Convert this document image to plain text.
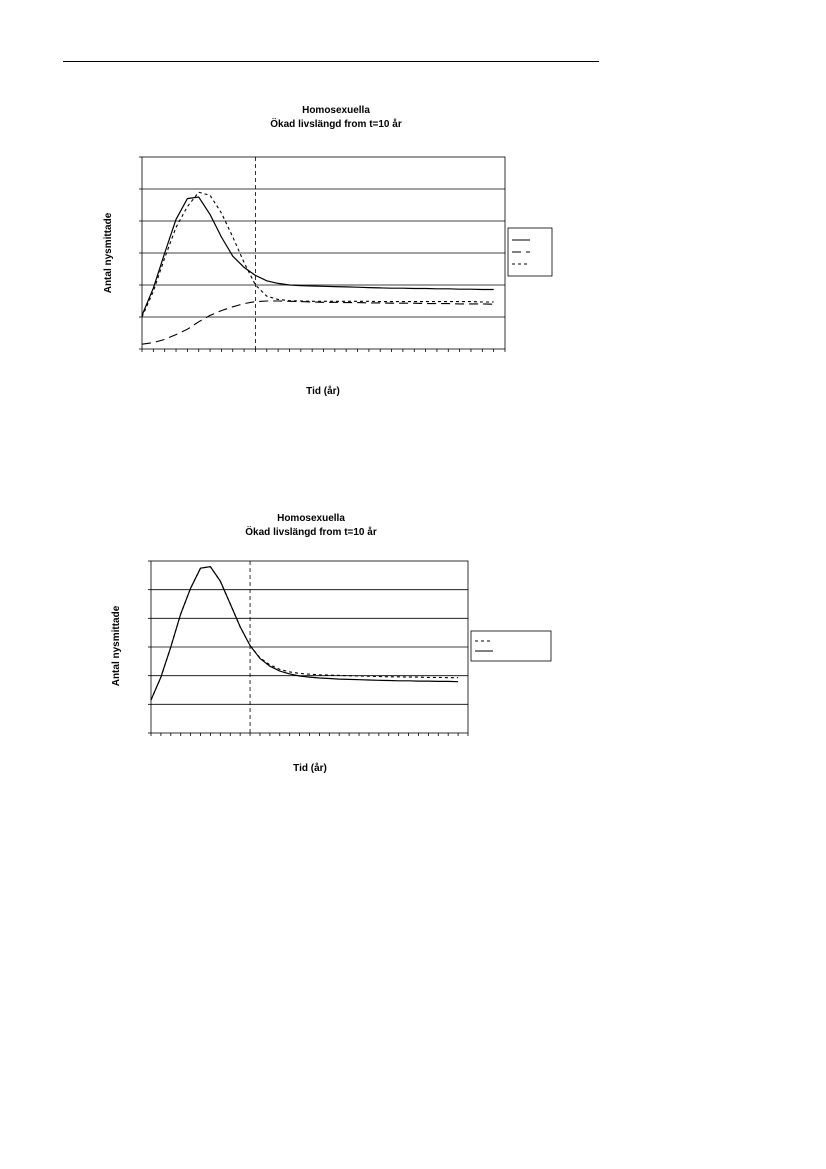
Homosexuella
Ökad livslängd from t=10 år
Antal nysmittade
Tid (år)
Homosexuella
Ökad livslängd from t=10 år
Antal nysmittade
Tid (år)
